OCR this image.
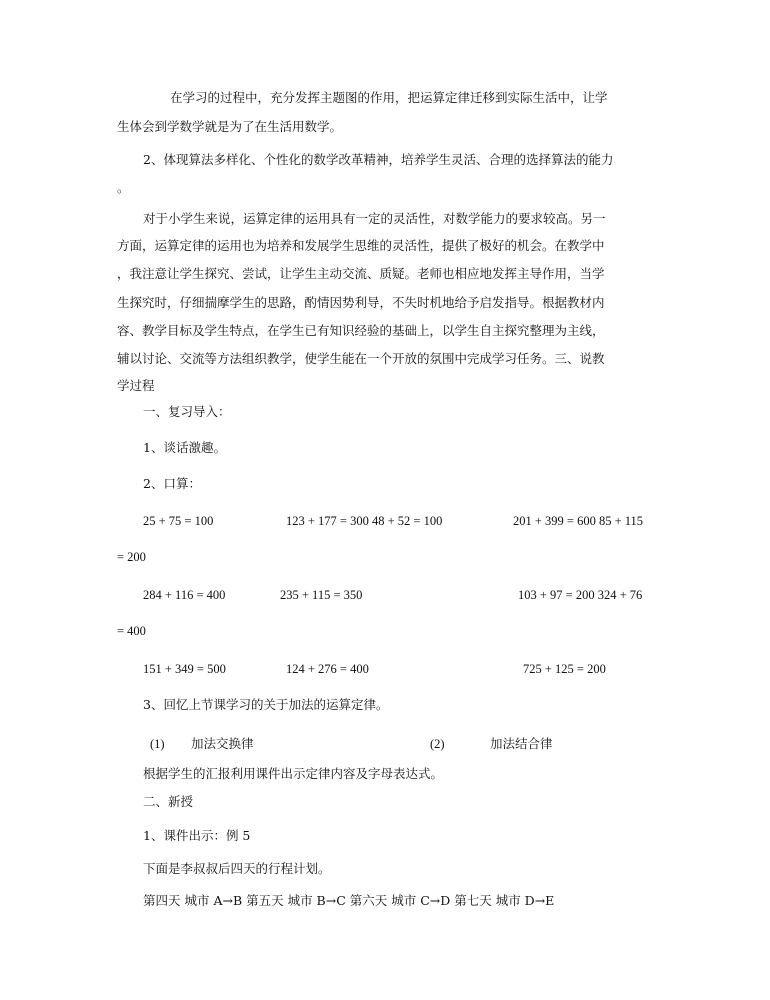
在学习的过程中，充分发挥主题图的作用，把运算定律迁移到实际生活中，让学

生体会到学数学就是为了在生活用数学。

2、体现算法多样化、个性化的数学改革精神，培养学生灵活、合理的选择算法的能力

。

对于小学生来说，运算定律的运用具有一定的灵活性，对数学能力的要求较高。另一

方面，运算定律的运用也为培养和发展学生思维的灵活性，提供了极好的机会。在教学中

，我注意让学生探究、尝试，让学生主动交流、质疑。老师也相应地发挥主导作用，当学

生探究时，仔细揣摩学生的思路，酌情因势利导，不失时机地给予启发指导。根据教材内

容、教学目标及学生特点，在学生已有知识经验的基础上，以学生自主探究整理为主线，

辅以讨论、交流等方法组织教学，使学生能在一个开放的氛围中完成学习任务。三、说教

学过程

一、复习导入：

1、谈话激趣。

2、口算：

25 + 75 = 100	123 + 177 = 300 48 + 52 = 100	201 + 399 = 600 85 + 115

= 200

284 + 116 = 400	235 + 115 = 350	103 + 97 = 200 324 + 76

= 400

151 + 349 = 500	124 + 276 = 400	725 + 125 = 200

3、回忆上节课学习的关于加法的运算定律。

(1) 加法交换律	(2)	加法结合律

根据学生的汇报利用课件出示定律内容及字母表达式。

二、新授

1、课件出示：例 5

下面是李叔叔后四天的行程计划。

第四天 城市 A→B 第五天 城市 B→C 第六天 城市 C→D 第七天 城市 D→E
